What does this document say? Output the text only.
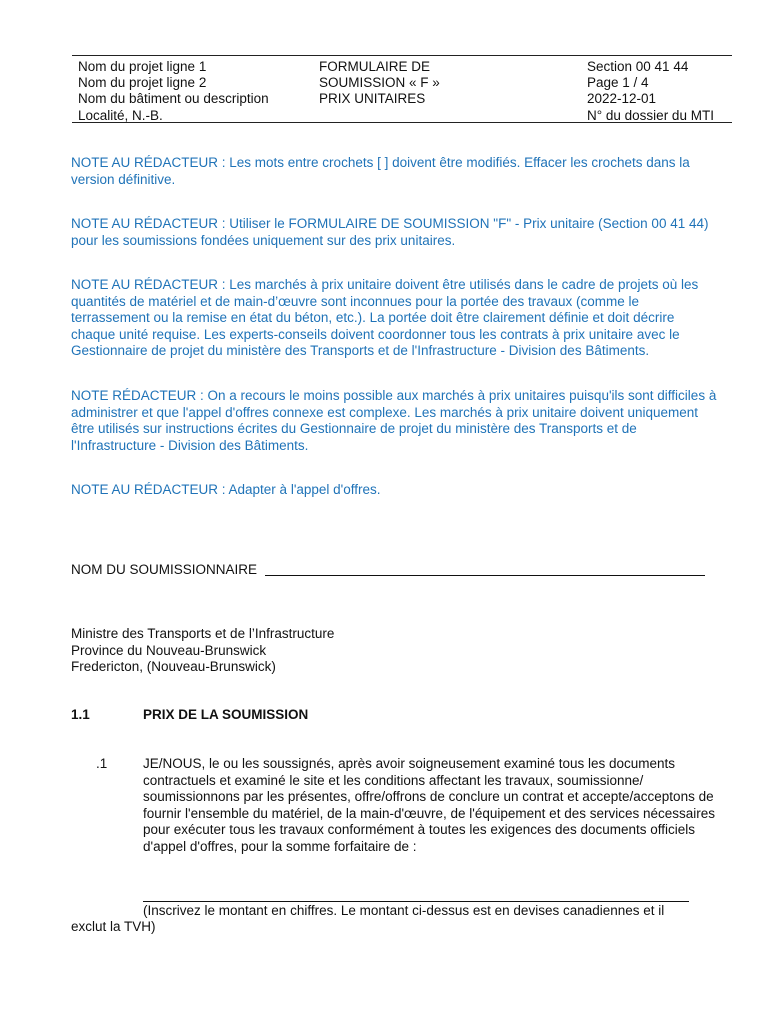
Nom du projet ligne 1
Nom du projet ligne 2
Nom du bâtiment ou description
Localité, N.-B.
FORMULAIRE DE
SOUMISSION « F »
PRIX UNITAIRES
Section 00 41 44
Page 1 / 4
2022-12-01
N° du dossier du MTI

NOTE AU RÉDACTEUR : Les mots entre crochets [ ] doivent être modifiés. Effacer les crochets dans la version définitive.

NOTE AU RÉDACTEUR : Utiliser le FORMULAIRE DE SOUMISSION "F" - Prix unitaire (Section 00 41 44) pour les soumissions fondées uniquement sur des prix unitaires.

NOTE AU RÉDACTEUR : Les marchés à prix unitaire doivent être utilisés dans le cadre de projets où les quantités de matériel et de main-d’œuvre sont inconnues pour la portée des travaux (comme le terrassement ou la remise en état du béton, etc.). La portée doit être clairement définie et doit décrire chaque unité requise. Les experts-conseils doivent coordonner tous les contrats à prix unitaire avec le Gestionnaire de projet du ministère des Transports et de l'Infrastructure - Division des Bâtiments.

NOTE RÉDACTEUR : On a recours le moins possible aux marchés à prix unitaires puisqu'ils sont difficiles à administrer et que l'appel d'offres connexe est complexe. Les marchés à prix unitaire doivent uniquement être utilisés sur instructions écrites du Gestionnaire de projet du ministère des Transports et de l'Infrastructure - Division des Bâtiments.

NOTE AU RÉDACTEUR : Adapter à l'appel d'offres.

NOM DU SOUMISSIONNAIRE

Ministre des Transports et de l’Infrastructure
Province du Nouveau-Brunswick
Fredericton, (Nouveau-Brunswick)

1.1	PRIX DE LA SOUMISSION

.1	JE/NOUS, le ou les soussignés, après avoir soigneusement examiné tous les documents contractuels et examiné le site et les conditions affectant les travaux, soumissionne/ soumissionnons par les présentes, offre/offrons de conclure un contrat et accepte/acceptons de fournir l'ensemble du matériel, de la main-d'œuvre, de l'équipement et des services nécessaires pour exécuter tous les travaux conformément à toutes les exigences des documents officiels d'appel d'offres, pour la somme forfaitaire de :

(Inscrivez le montant en chiffres. Le montant ci-dessus est en devises canadiennes et il

exclut la TVH)
